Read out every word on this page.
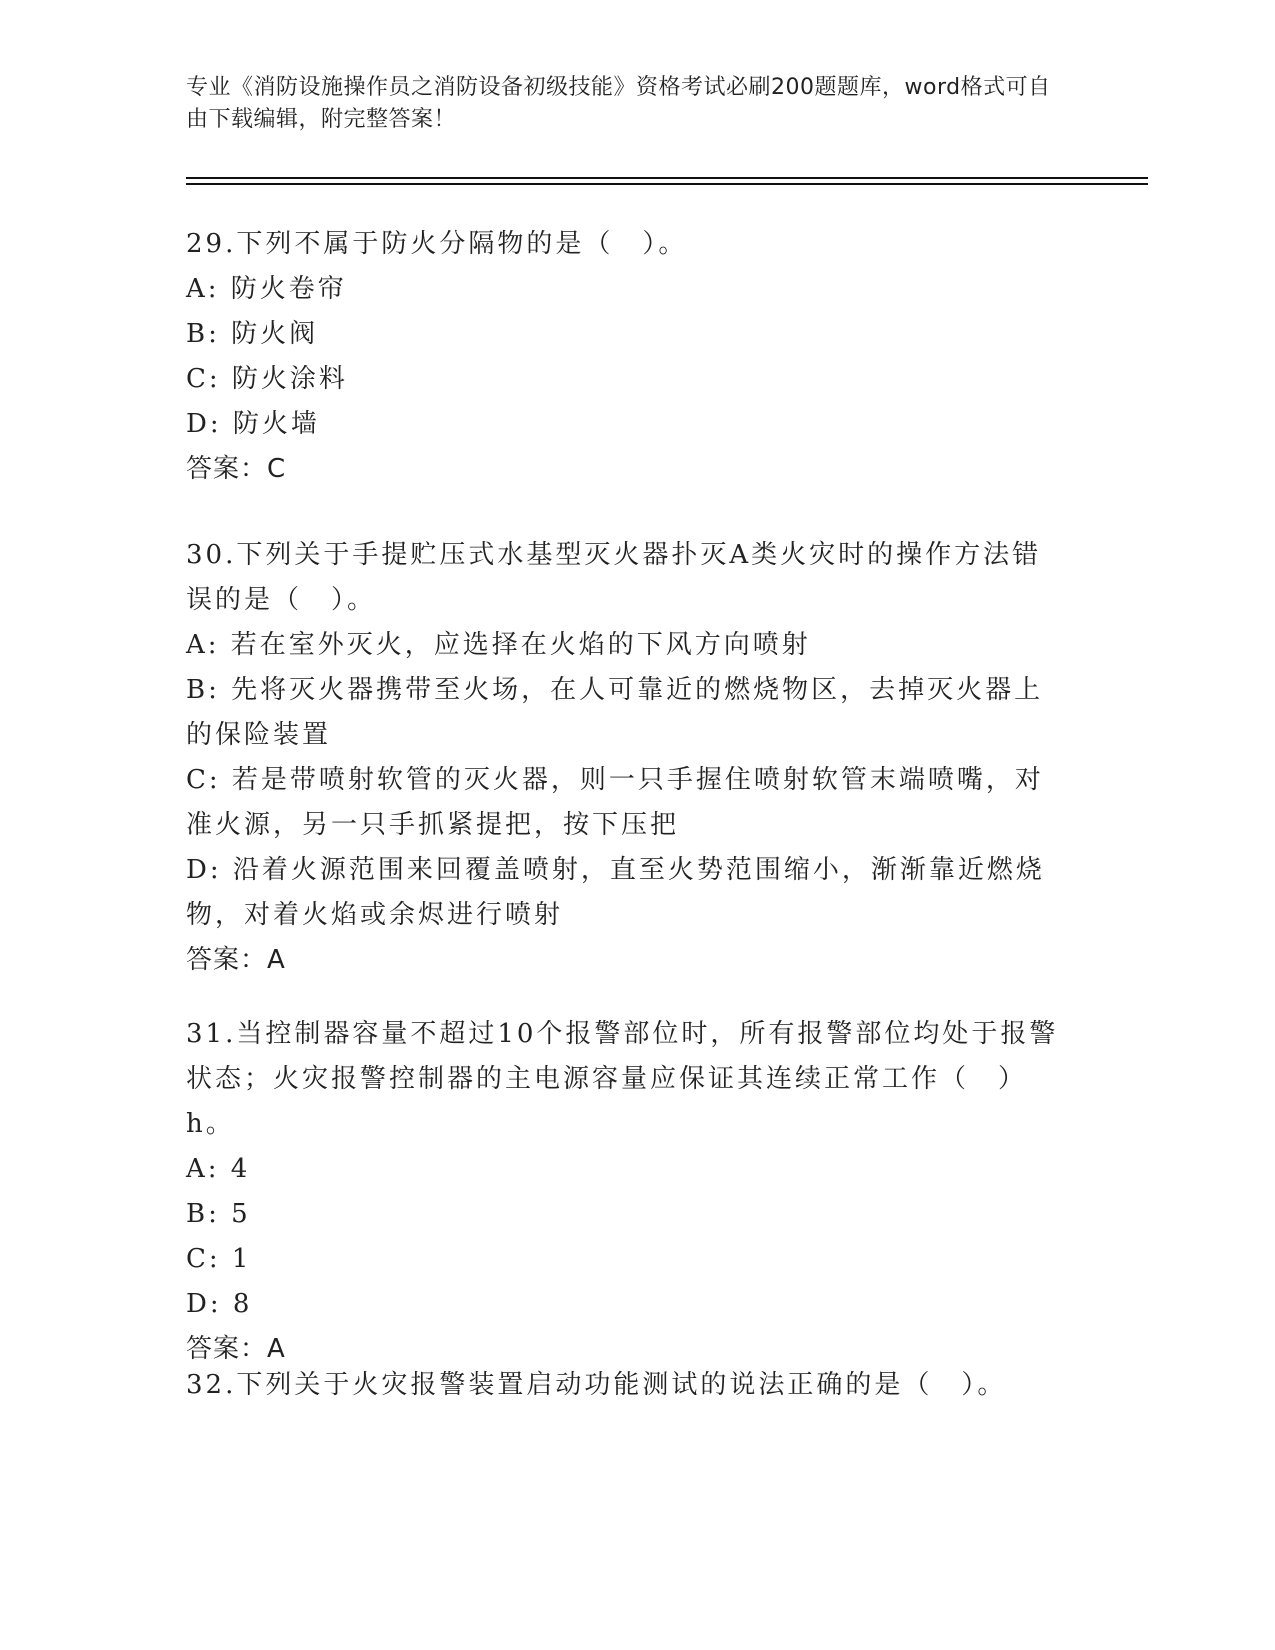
专业《消防设施操作员之消防设备初级技能》资格考试必刷200题题库，word格式可自由下载编辑，附完整答案！

29.下列不属于防火分隔物的是（　）。

A: 防火卷帘

B: 防火阀

C: 防火涂料

D: 防火墙

答案：C

30.下列关于手提贮压式水基型灭火器扑灭A类火灾时的操作方法错误的是（　）。

A: 若在室外灭火，应选择在火焰的下风方向喷射

B: 先将灭火器携带至火场，在人可靠近的燃烧物区，去掉灭火器上的保险装置

C: 若是带喷射软管的灭火器，则一只手握住喷射软管末端喷嘴，对准火源，另一只手抓紧提把，按下压把

D: 沿着火源范围来回覆盖喷射，直至火势范围缩小，渐渐靠近燃烧物，对着火焰或余烬进行喷射

答案：A

31.当控制器容量不超过10个报警部位时，所有报警部位均处于报警状态；火灾报警控制器的主电源容量应保证其连续正常工作（　）h。

A: 4

B: 5

C: 1

D: 8

答案：A

32.下列关于火灾报警装置启动功能测试的说法正确的是（　）。
